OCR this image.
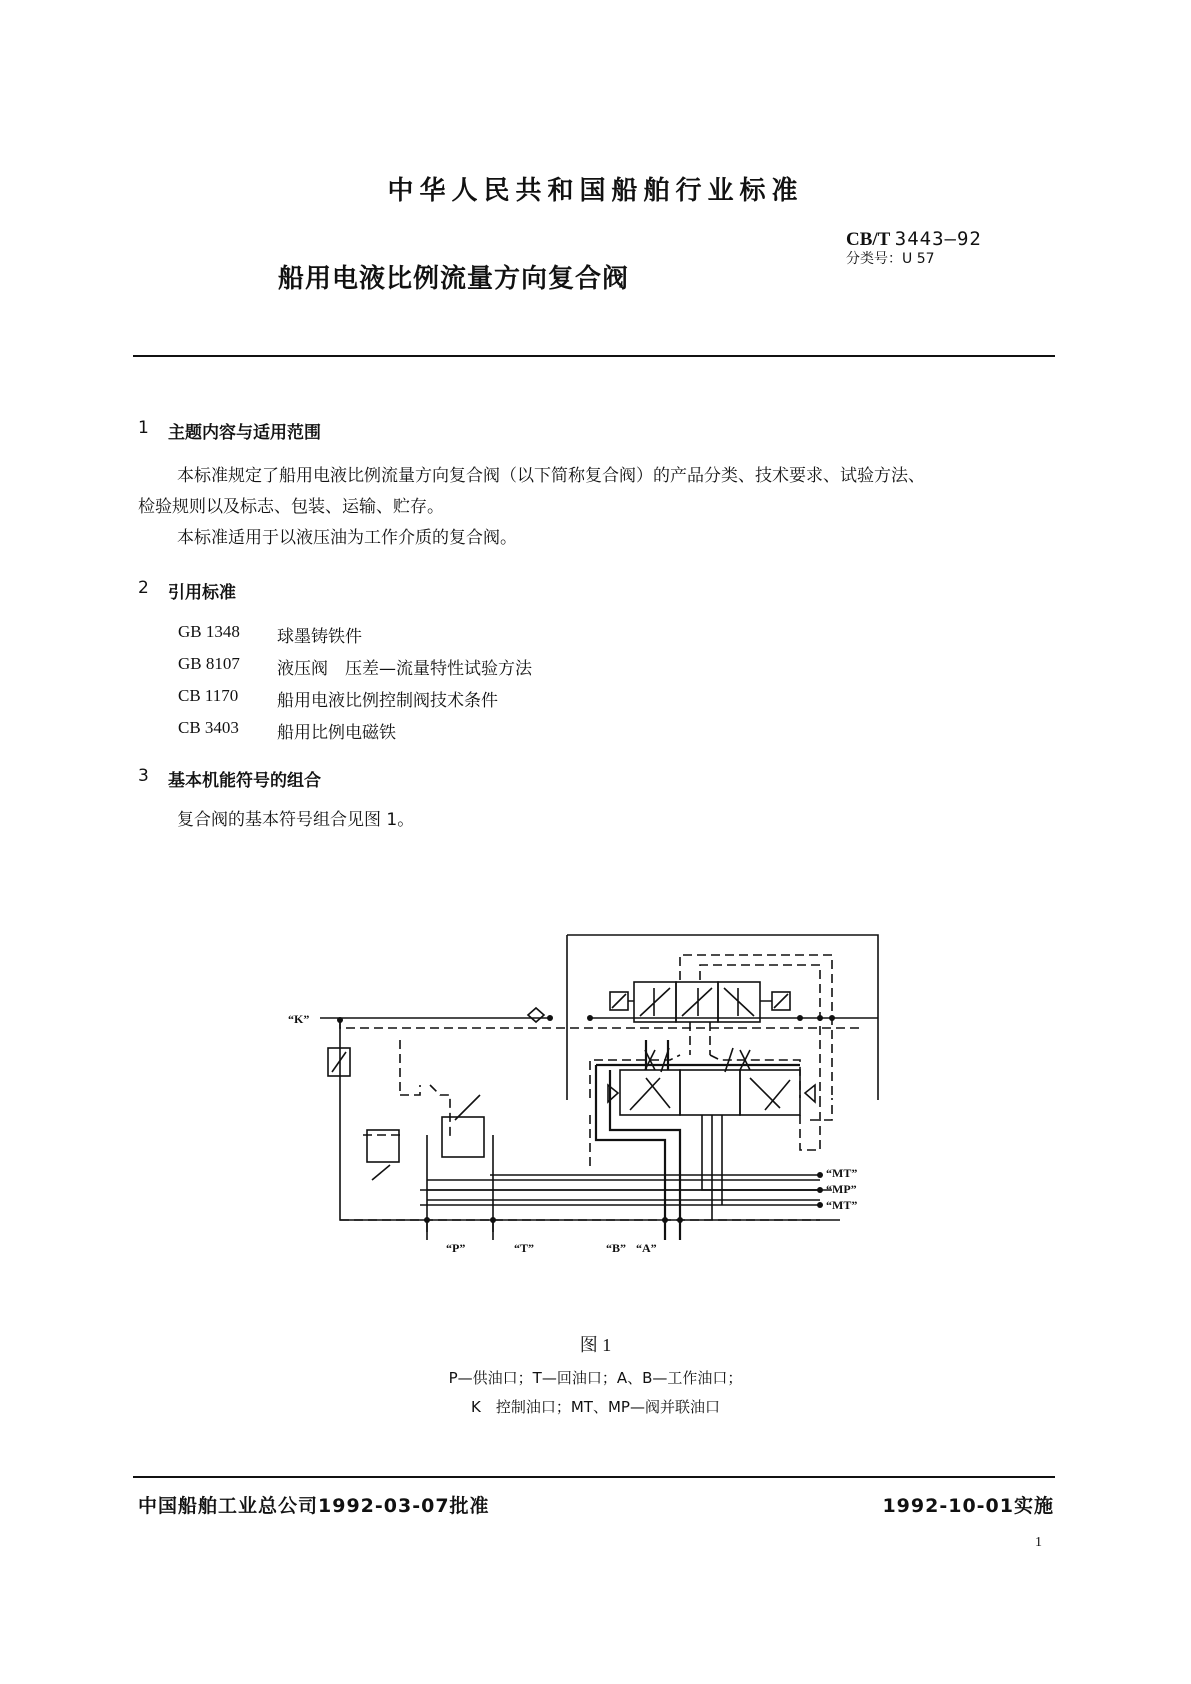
中华人民共和国船舶行业标准
CB/T 3443—92
分类号：U 57
船用电液比例流量方向复合阀
1 主题内容与适用范围
本标准规定了船用电液比例流量方向复合阀（以下简称复合阀）的产品分类、技术要求、试验方法、
检验规则以及标志、包装、运输、贮存。
本标准适用于以液压油为工作介质的复合阀。
2 引用标准
GB 1348 球墨铸铁件
GB 8107 液压阀　压差—流量特性试验方法
CB 1170 船用电液比例控制阀技术条件
CB 3403 船用比例电磁铁
3 基本机能符号的组合
复合阀的基本符号组合见图 1。
“K”
“P”	“T”	“B” “A”
“MT”
“MP”
“MT”
图 1
P—供油口；T—回油口；A、B—工作油口；
K　控制油口；MT、MP—阀并联油口
中国船舶工业总公司1992-03-07批准	1992-10-01实施
1
